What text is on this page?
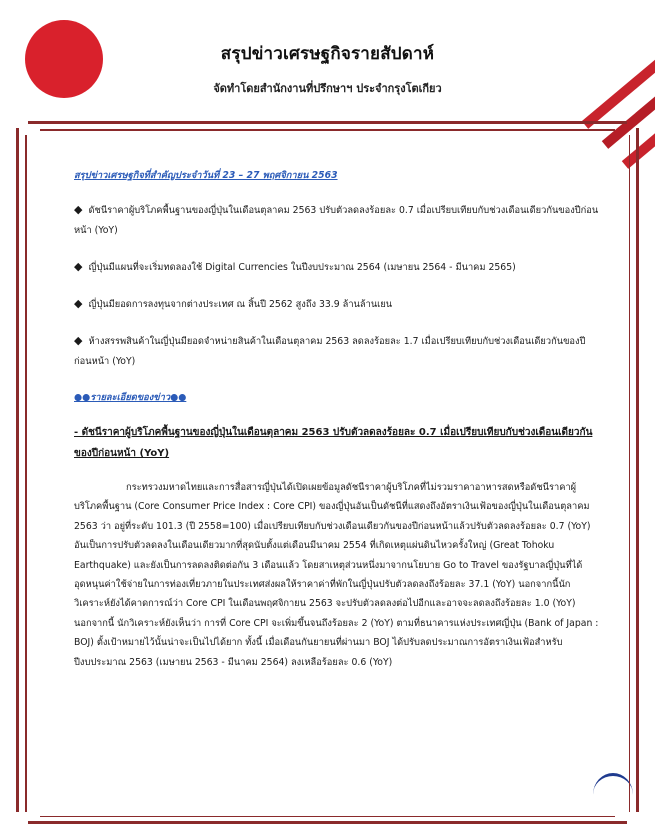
สรุปข่าวเศรษฐกิจรายสัปดาห์
จัดทำโดยสำนักงานที่ปรึกษาฯ ประจำกรุงโตเกียว
สรุปข่าวเศรษฐกิจที่สำคัญประจำวันที่ 23 – 27 พฤศจิกายน 2563
◆ ดัชนีราคาผู้บริโภคพื้นฐานของญี่ปุ่นในเดือนตุลาคม 2563 ปรับตัวลดลงร้อยละ 0.7 เมื่อเปรียบเทียบกับช่วงเดือนเดียวกันของปีก่อนหน้า (YoY)
◆ ญี่ปุ่นมีแผนที่จะเริ่มทดลองใช้ Digital Currencies ในปีงบประมาณ 2564 (เมษายน 2564 - มีนาคม 2565)
◆ ญี่ปุ่นมียอดการลงทุนจากต่างประเทศ ณ สิ้นปี 2562 สูงถึง 33.9 ล้านล้านเยน
◆ ห้างสรรพสินค้าในญี่ปุ่นมียอดจำหน่ายสินค้าในเดือนตุลาคม 2563 ลดลงร้อยละ 1.7 เมื่อเปรียบเทียบกับช่วงเดือนเดียวกันของปีก่อนหน้า (YoY)
●●รายละเอียดของข่าว●●
- ดัชนีราคาผู้บริโภคพื้นฐานของญี่ปุ่นในเดือนตุลาคม 2563 ปรับตัวลดลงร้อยละ 0.7 เมื่อเปรียบเทียบกับช่วงเดือนเดียวกันของปีก่อนหน้า (YoY)
กระทรวงมหาดไทยและการสื่อสารญี่ปุ่นได้เปิดเผยข้อมูลดัชนีราคาผู้บริโภคที่ไม่รวมราคาอาหารสดหรือดัชนีราคาผู้บริโภคพื้นฐาน (Core Consumer Price Index : Core CPI) ของญี่ปุ่นอันเป็นดัชนีที่แสดงถึงอัตราเงินเฟ้อของญี่ปุ่นในเดือนตุลาคม 2563 ว่า อยู่ที่ระดับ 101.3 (ปี 2558=100) เมื่อเปรียบเทียบกับช่วงเดือนเดียวกันของปีก่อนหน้าแล้วปรับตัวลดลงร้อยละ 0.7 (YoY) อันเป็นการปรับตัวลดลงในเดือนเดียวมากที่สุดนับตั้งแต่เดือนมีนาคม 2554 ที่เกิดเหตุแผ่นดินไหวครั้งใหญ่ (Great Tohoku Earthquake) และยังเป็นการลดลงติดต่อกัน 3 เดือนแล้ว โดยสาเหตุส่วนหนึ่งมาจากนโยบาย Go to Travel ของรัฐบาลญี่ปุ่นที่ได้อุดหนุนค่าใช้จ่ายในการท่องเที่ยวภายในประเทศส่งผลให้ราคาค่าที่พักในญี่ปุ่นปรับตัวลดลงถึงร้อยละ 37.1 (YoY) นอกจากนี้นักวิเคราะห์ยังได้คาดการณ์ว่า Core CPI ในเดือนพฤศจิกายน 2563 จะปรับตัวลดลงต่อไปอีกและอาจจะลดลงถึงร้อยละ 1.0 (YoY) นอกจากนี้ นักวิเคราะห์ยังเห็นว่า การที่ Core CPI จะเพิ่มขึ้นจนถึงร้อยละ 2 (YoY) ตามที่ธนาคารแห่งประเทศญี่ปุ่น (Bank of Japan : BOJ) ตั้งเป้าหมายไว้นั้นน่าจะเป็นไปได้ยาก ทั้งนี้ เมื่อเดือนกันยายนที่ผ่านมา BOJ ได้ปรับลดประมาณการอัตราเงินเฟ้อสำหรับปีงบประมาณ 2563 (เมษายน 2563 - มีนาคม 2564) ลงเหลือร้อยละ 0.6 (YoY)
